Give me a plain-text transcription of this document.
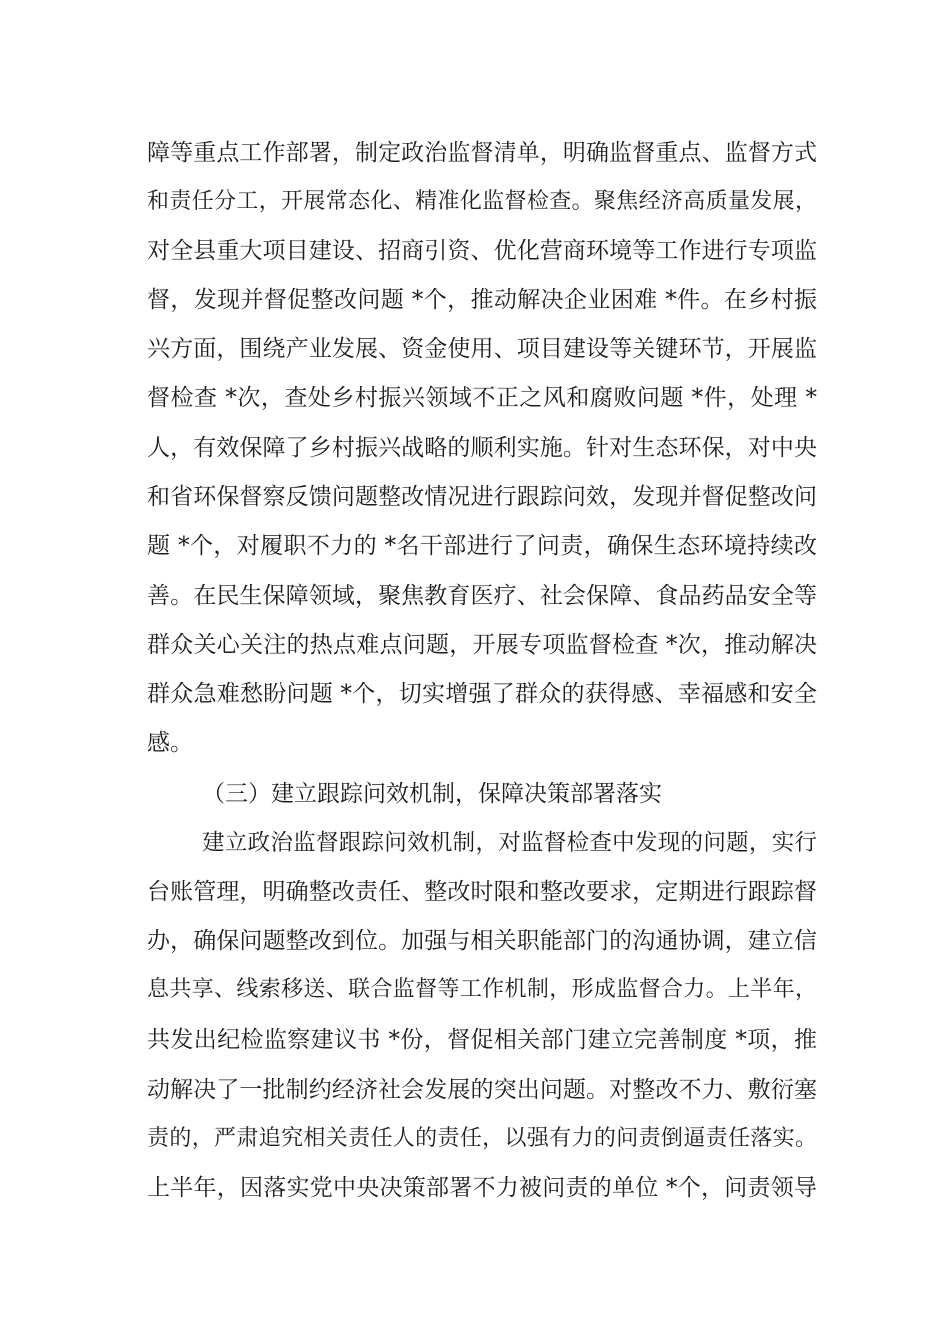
障等重点工作部署，制定政治监督清单，明确监督重点、监督方式

和责任分工，开展常态化、精准化监督检查。聚焦经济高质量发展，

对全县重大项目建设、招商引资、优化营商环境等工作进行专项监

督，发现并督促整改问题 *个，推动解决企业困难 *件。在乡村振

兴方面，围绕产业发展、资金使用、项目建设等关键环节，开展监

督检查 *次，查处乡村振兴领域不正之风和腐败问题 *件，处理 *

人，有效保障了乡村振兴战略的顺利实施。针对生态环保，对中央

和省环保督察反馈问题整改情况进行跟踪问效，发现并督促整改问

题 *个，对履职不力的 *名干部进行了问责，确保生态环境持续改

善。在民生保障领域，聚焦教育医疗、社会保障、食品药品安全等

群众关心关注的热点难点问题，开展专项监督检查 *次，推动解决

群众急难愁盼问题 *个，切实增强了群众的获得感、幸福感和安全

感。

（三）建立跟踪问效机制，保障决策部署落实

建立政治监督跟踪问效机制，对监督检查中发现的问题，实行

台账管理，明确整改责任、整改时限和整改要求，定期进行跟踪督

办，确保问题整改到位。加强与相关职能部门的沟通协调，建立信

息共享、线索移送、联合监督等工作机制，形成监督合力。上半年，

共发出纪检监察建议书 *份，督促相关部门建立完善制度 *项，推

动解决了一批制约经济社会发展的突出问题。对整改不力、敷衍塞

责的，严肃追究相关责任人的责任，以强有力的问责倒逼责任落实。

上半年，因落实党中央决策部署不力被问责的单位 *个，问责领导
